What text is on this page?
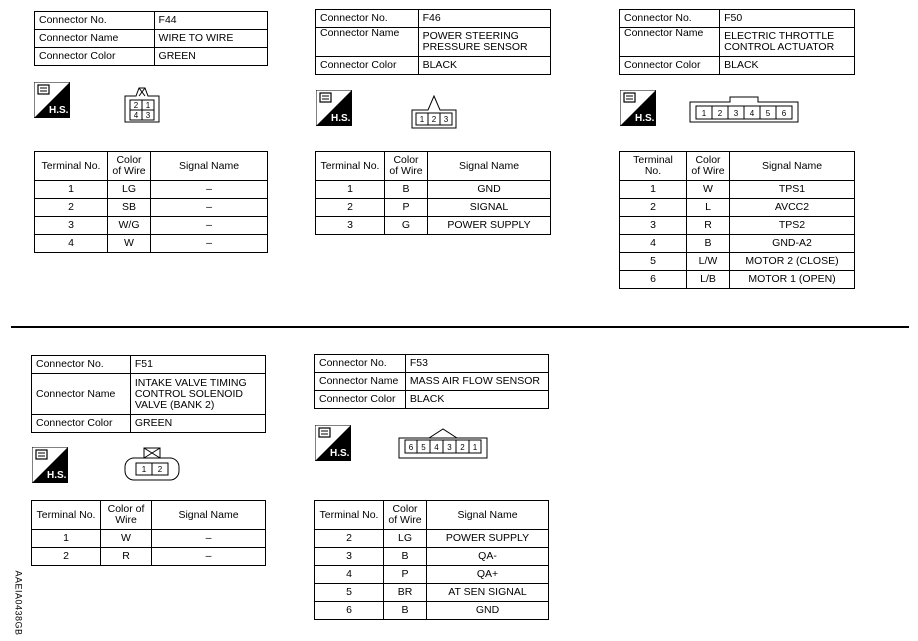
Connector No.	F44
Connector Name	WIRE TO WIRE
Connector Color	GREEN
H.S.	2 1
4 3
Terminal No.	Color of Wire	Signal Name
1	LG	–
2	SB	–
3	W/G	–
4	W	–
Connector No.	F46
Connector Name	POWER STEERING
PRESSURE SENSOR
Connector Color	BLACK
H.S.	1 2 3
Terminal No.	Color of Wire	Signal Name
1	B	GND
2	P	SIGNAL
3	G	POWER SUPPLY
Connector No.	F50
Connector Name	ELECTRIC THROTTLE
CONTROL ACTUATOR
Connector Color	BLACK
H.S.	1 2 3 4 5 6
Terminal No.	Color of Wire	Signal Name
1	W	TPS1
2	L	AVCC2
3	R	TPS2
4	B	GND-A2
5	L/W	MOTOR 2 (CLOSE)
6	L/B	MOTOR 1 (OPEN)
Connector No.	F51
Connector Name	INTAKE VALVE TIMING
CONTROL SOLENOID
VALVE (BANK 2)
Connector Color	GREEN
H.S.
1 2
Terminal No.	Color of Wire	Signal Name
1	W	–
2	R	–
Connector No.	F53
Connector Name	MASS AIR FLOW SENSOR
Connector Color	BLACK
H.S.
6 5 4 3 2 1
Terminal No.	Color of Wire	Signal Name
2	LG	POWER SUPPLY
3	B	QA-
4	P	QA+
5	BR	AT SEN SIGNAL
6	B	GND
AAEIA0438GB
